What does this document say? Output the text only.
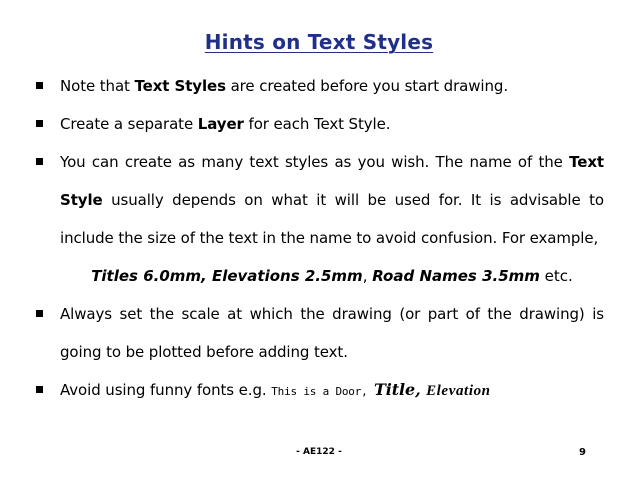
Hints on Text Styles
Note that Text Styles are created before you start drawing.
Create a separate Layer for each Text Style.
You can create as many text styles as you wish. The name of the Text Style usually depends on what it will be used for. It is advisable to include the size of the text in the name to avoid confusion. For example,
Titles 6.0mm, Elevations 2.5mm, Road Names 3.5mm etc.
Always set the scale at which the drawing (or part of the drawing) is going to be plotted before adding text.
Avoid using funny fonts e.g. This is a Door, Title, Elevation
- AE122 -	9
